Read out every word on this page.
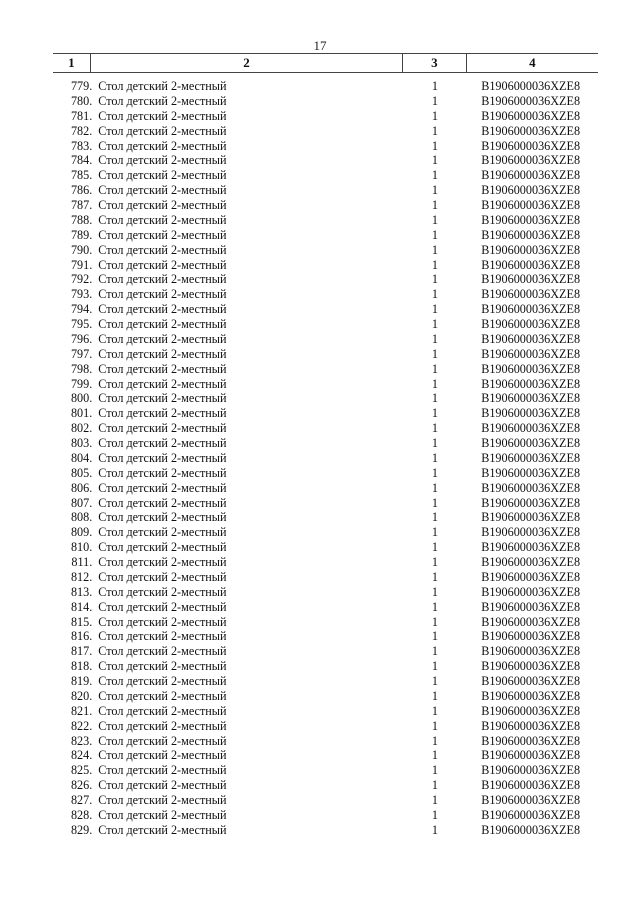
17
1	2	3	4
779. Стол детский 2-местный	1	B1906000036XZE8
780. Стол детский 2-местный	1	B1906000036XZE8
781. Стол детский 2-местный	1	B1906000036XZE8
782. Стол детский 2-местный	1	B1906000036XZE8
783. Стол детский 2-местный	1	B1906000036XZE8
784. Стол детский 2-местный	1	B1906000036XZE8
785. Стол детский 2-местный	1	B1906000036XZE8
786. Стол детский 2-местный	1	B1906000036XZE8
787. Стол детский 2-местный	1	B1906000036XZE8
788. Стол детский 2-местный	1	B1906000036XZE8
789. Стол детский 2-местный	1	B1906000036XZE8
790. Стол детский 2-местный	1	B1906000036XZE8
791. Стол детский 2-местный	1	B1906000036XZE8
792. Стол детский 2-местный	1	B1906000036XZE8
793. Стол детский 2-местный	1	B1906000036XZE8
794. Стол детский 2-местный	1	B1906000036XZE8
795. Стол детский 2-местный	1	B1906000036XZE8
796. Стол детский 2-местный	1	B1906000036XZE8
797. Стол детский 2-местный	1	B1906000036XZE8
798. Стол детский 2-местный	1	B1906000036XZE8
799. Стол детский 2-местный	1	B1906000036XZE8
800. Стол детский 2-местный	1	B1906000036XZE8
801. Стол детский 2-местный	1	B1906000036XZE8
802. Стол детский 2-местный	1	B1906000036XZE8
803. Стол детский 2-местный	1	B1906000036XZE8
804. Стол детский 2-местный	1	B1906000036XZE8
805. Стол детский 2-местный	1	B1906000036XZE8
806. Стол детский 2-местный	1	B1906000036XZE8
807. Стол детский 2-местный	1	B1906000036XZE8
808. Стол детский 2-местный	1	B1906000036XZE8
809. Стол детский 2-местный	1	B1906000036XZE8
810. Стол детский 2-местный	1	B1906000036XZE8
811. Стол детский 2-местный	1	B1906000036XZE8
812. Стол детский 2-местный	1	B1906000036XZE8
813. Стол детский 2-местный	1	B1906000036XZE8
814. Стол детский 2-местный	1	B1906000036XZE8
815. Стол детский 2-местный	1	B1906000036XZE8
816. Стол детский 2-местный	1	B1906000036XZE8
817. Стол детский 2-местный	1	B1906000036XZE8
818. Стол детский 2-местный	1	B1906000036XZE8
819. Стол детский 2-местный	1	B1906000036XZE8
820. Стол детский 2-местный	1	B1906000036XZE8
821. Стол детский 2-местный	1	B1906000036XZE8
822. Стол детский 2-местный	1	B1906000036XZE8
823. Стол детский 2-местный	1	B1906000036XZE8
824. Стол детский 2-местный	1	B1906000036XZE8
825. Стол детский 2-местный	1	B1906000036XZE8
826. Стол детский 2-местный	1	B1906000036XZE8
827. Стол детский 2-местный	1	B1906000036XZE8
828. Стол детский 2-местный	1	B1906000036XZE8
829. Стол детский 2-местный	1	B1906000036XZE8
